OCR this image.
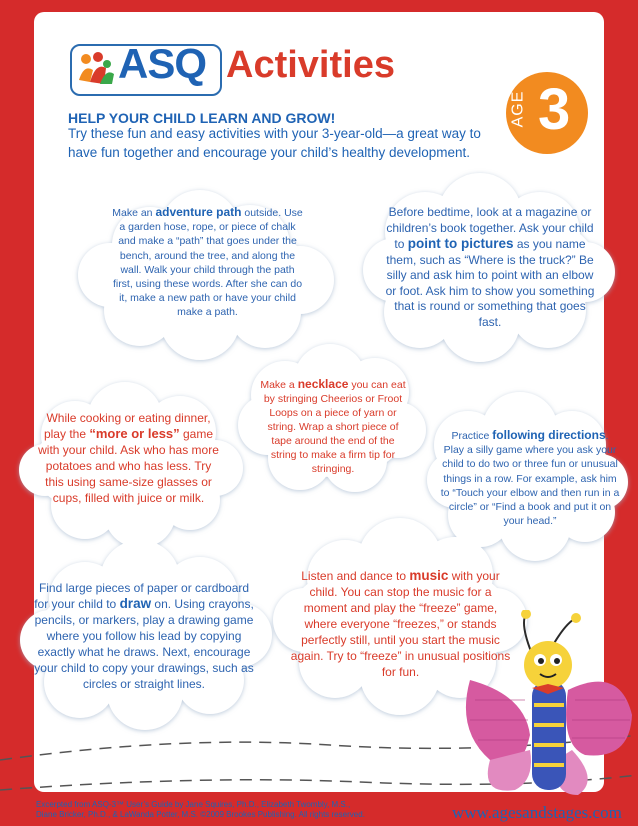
ASQ Activities
AGE 3
HELP YOUR CHILD LEARN AND GROW!
Try these fun and easy activities with your 3-year-old—a great way to have fun together and encourage your child’s healthy development.
Make an adventure path outside. Use a garden hose, rope, or piece of chalk and make a “path” that goes under the bench, around the tree, and along the wall. Walk your child through the path first, using these words. After she can do it, make a new path or have your child make a path.
Before bedtime, look at a magazine or children’s book together. Ask your child to point to pictures as you name them, such as “Where is the truck?” Be silly and ask him to point with an elbow or foot. Ask him to show you something that is round or something that goes fast.
Make a necklace you can eat by stringing Cheerios or Froot Loops on a piece of yarn or string. Wrap a short piece of tape around the end of the string to make a firm tip for stringing.
While cooking or eating dinner, play the “more or less” game with your child. Ask who has more potatoes and who has less. Try this using same-size glasses or cups, filled with juice or milk.
Practice following directions. Play a silly game where you ask your child to do two or three fun or unusual things in a row. For example, ask him to “Touch your elbow and then run in a circle” or “Find a book and put it on your head.”
Find large pieces of paper or cardboard for your child to draw on. Using crayons, pencils, or markers, play a drawing game where you follow his lead by copying exactly what he draws. Next, encourage your child to copy your drawings, such as circles or straight lines.
Listen and dance to music with your child. You can stop the music for a moment and play the “freeze” game, where everyone “freezes,” or stands perfectly still, until you start the music again. Try to “freeze” in unusual positions for fun.
Excerpted from ASQ-3™ User’s Guide by Jane Squires, Ph.D., Elizabeth Twombly, M.S.,
Diane Bricker, Ph.D., & LaWanda Potter, M.S. ©2009 Brookes Publishing. All rights reserved.	www.agesandstages.com
